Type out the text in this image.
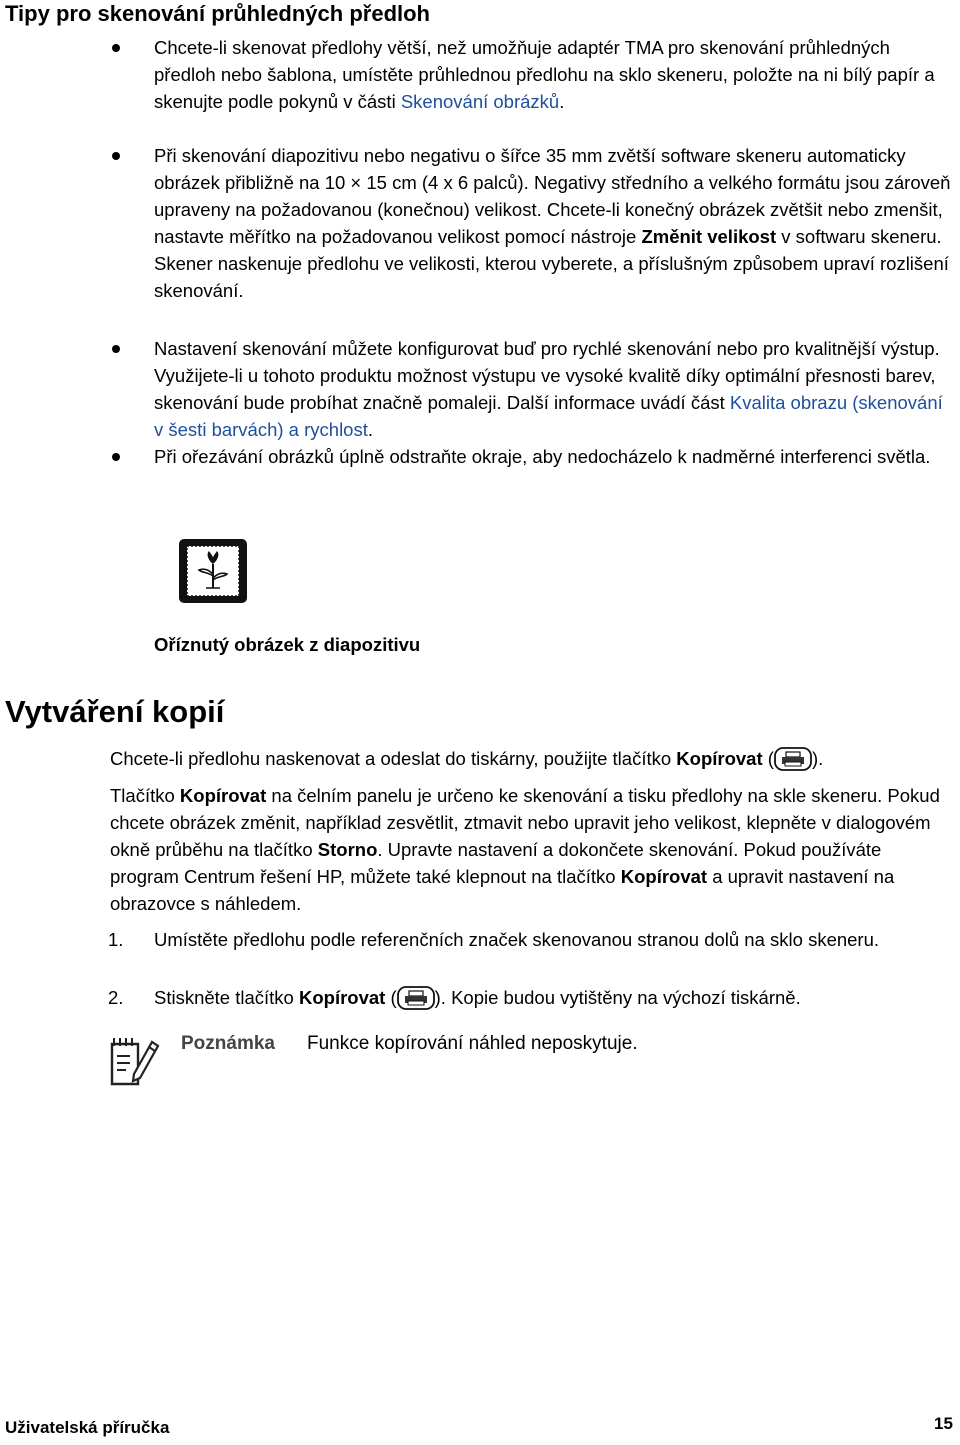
Tipy pro skenování průhledných předloh
Chcete-li skenovat předlohy větší, než umožňuje adaptér TMA pro skenování průhledných předloh nebo šablona, umístěte průhlednou předlohu na sklo skeneru, položte na ni bílý papír a skenujte podle pokynů v části Skenování obrázků.
Při skenování diapozitivu nebo negativu o šířce 35 mm zvětší software skeneru automaticky obrázek přibližně na 10 × 15 cm (4 x 6 palců). Negativy středního a velkého formátu jsou zároveň upraveny na požadovanou (konečnou) velikost. Chcete-li konečný obrázek zvětšit nebo zmenšit, nastavte měřítko na požadovanou velikost pomocí nástroje Změnit velikost v softwaru skeneru. Skener naskenuje předlohu ve velikosti, kterou vyberete, a příslušným způsobem upraví rozlišení skenování.
Nastavení skenování můžete konfigurovat buď pro rychlé skenování nebo pro kvalitnější výstup. Využijete-li u tohoto produktu možnost výstupu ve vysoké kvalitě díky optimální přesnosti barev, skenování bude probíhat značně pomaleji. Další informace uvádí část Kvalita obrazu (skenování v šesti barvách) a rychlost.
Při ořezávání obrázků úplně odstraňte okraje, aby nedocházelo k nadměrné interferenci světla.
Oříznutý obrázek z diapozitivu
Vytváření kopií
Chcete-li předlohu naskenovat a odeslat do tiskárny, použijte tlačítko Kopírovat ( ).
Tlačítko Kopírovat na čelním panelu je určeno ke skenování a tisku předlohy na skle skeneru. Pokud chcete obrázek změnit, například zesvětlit, ztmavit nebo upravit jeho velikost, klepněte v dialogovém okně průběhu na tlačítko Storno. Upravte nastavení a dokončete skenování. Pokud používáte program Centrum řešení HP, můžete také klepnout na tlačítko Kopírovat a upravit nastavení na obrazovce s náhledem.
1. Umístěte předlohu podle referenčních značek skenovanou stranou dolů na sklo skeneru.
2. Stiskněte tlačítko Kopírovat ( ). Kopie budou vytištěny na výchozí tiskárně.
Poznámka Funkce kopírování náhled neposkytuje.
Uživatelská příručka	15
